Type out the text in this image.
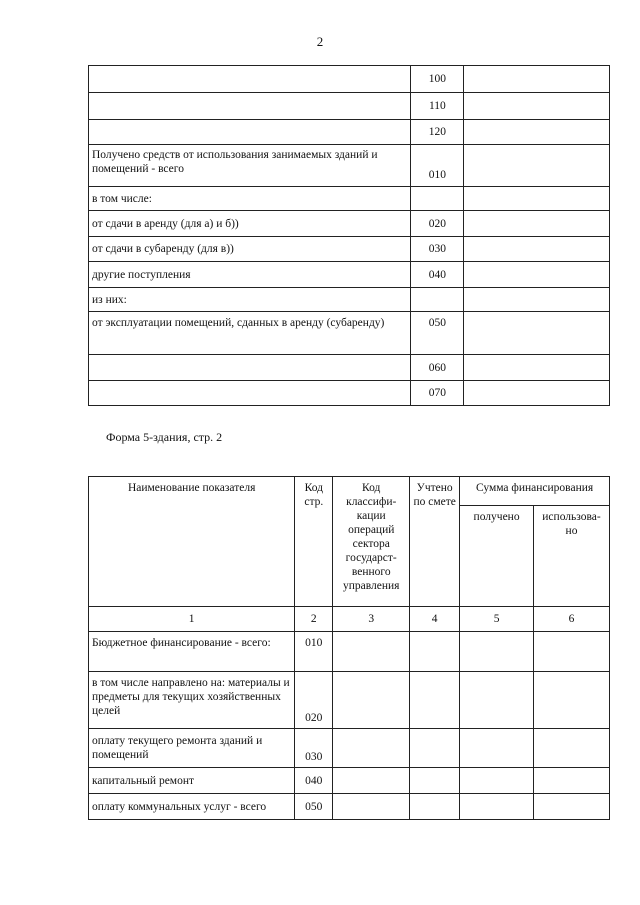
2
	100	
	110	
	120	
Получено средств от использования занимаемых зданий и помещений - всего	010	
в том числе:		
от сдачи в аренду (для а) и б))	020	
от сдачи в субаренду (для в))	030	
другие поступления	040	
из них:		
от эксплуатации помещений, сданных в аренду (субаренду)	050	
	060	
	070	
Форма 5-здания, стр. 2
Наименование показателя	Код стр.	Код классифи-кации операций сектора государст-венного управления	Учтено по смете	Сумма финансирования	
				получено	использова-но
1	2	3	4	5	6
Бюджетное финансирование - всего:	010				
в том числе направлено на: материалы и предметы для текущих хозяйственных целей	020				
оплату текущего ремонта зданий и помещений	030				
капитальный ремонт	040				
оплату коммунальных услуг - всего	050				
